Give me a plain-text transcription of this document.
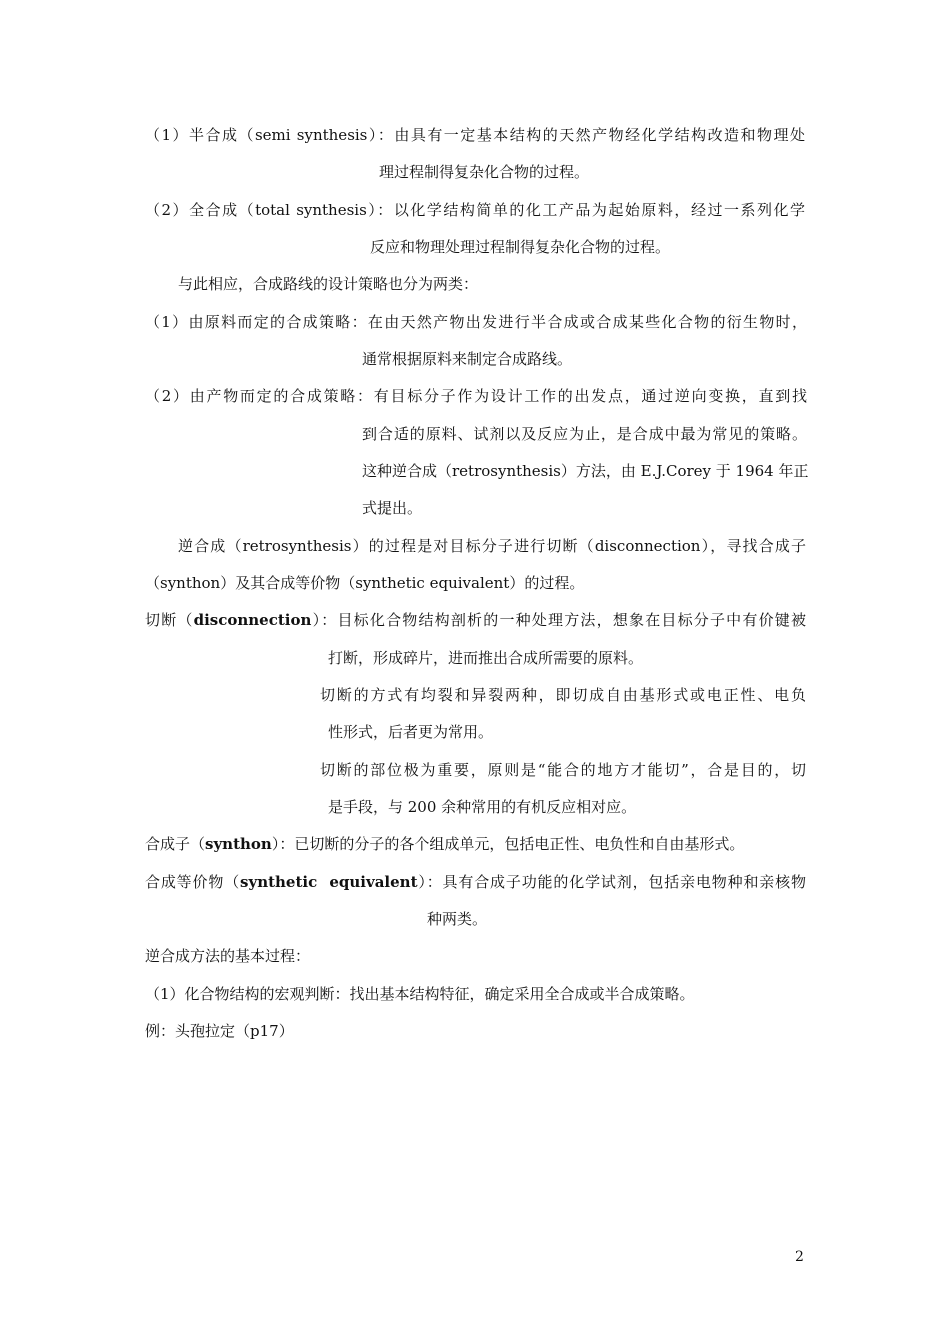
（1）半合成（semi synthesis）：由具有一定基本结构的天然产物经化学结构改造和物理处
理过程制得复杂化合物的过程。
（2）全合成（total synthesis）：以化学结构简单的化工产品为起始原料，经过一系列化学
反应和物理处理过程制得复杂化合物的过程。
与此相应，合成路线的设计策略也分为两类：
（1）由原料而定的合成策略：在由天然产物出发进行半合成或合成某些化合物的衍生物时，
通常根据原料来制定合成路线。
（2）由产物而定的合成策略：有目标分子作为设计工作的出发点，通过逆向变换，直到找
到合适的原料、试剂以及反应为止，是合成中最为常见的策略。
这种逆合成（retrosynthesis）方法，由 E.J.Corey 于 1964 年正
式提出。
逆合成（retrosynthesis）的过程是对目标分子进行切断（disconnection），寻找合成子
（synthon）及其合成等价物（synthetic equivalent）的过程。
切断（disconnection）：目标化合物结构剖析的一种处理方法，想象在目标分子中有价键被
打断，形成碎片，进而推出合成所需要的原料。
切断的方式有均裂和异裂两种，即切成自由基形式或电正性、电负
性形式，后者更为常用。
切断的部位极为重要，原则是“能合的地方才能切”，合是目的，切
是手段，与 200 余种常用的有机反应相对应。
合成子（synthon）：已切断的分子的各个组成单元，包括电正性、电负性和自由基形式。
合成等价物（synthetic  equivalent）：具有合成子功能的化学试剂，包括亲电物种和亲核物
种两类。
逆合成方法的基本过程：
（1）化合物结构的宏观判断：找出基本结构特征，确定采用全合成或半合成策略。
例：头孢拉定（p17）
2
